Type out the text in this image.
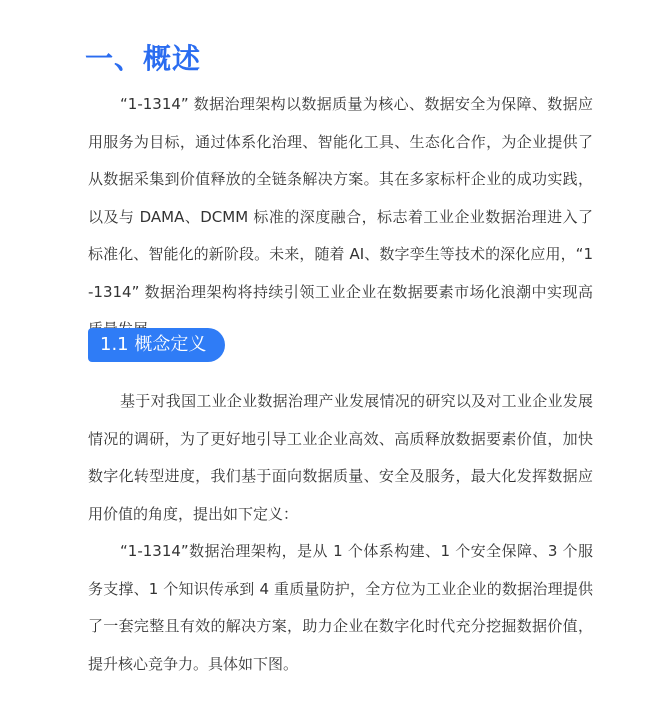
一、概述

“1-1314” 数据治理架构以数据质量为核心、数据安全为保障、数据应用服务为目标，通过体系化治理、智能化工具、生态化合作，为企业提供了从数据采集到价值释放的全链条解决方案。其在多家标杆企业的成功实践，以及与 DAMA、DCMM 标准的深度融合，标志着工业企业数据治理进入了标准化、智能化的新阶段。未来，随着 AI、数字孪生等技术的深化应用，“1-1314” 数据治理架构将持续引领工业企业在数据要素市场化浪潮中实现高

1.1 概念定义

基于对我国工业企业数据治理产业发展情况的研究以及对工业企业发展情况的调研，为了更好地引导工业企业高效、高质释放数据要素价值，加快数字化转型进度，我们基于面向数据质量、安全及服务，最大化发挥数据应用价值的角度，提出如下定义：

“1-1314”数据治理架构，是从 1 个体系构建、1 个安全保障、3 个服务支撑、1 个知识传承到 4 重质量防护，全方位为工业企业的数据治理提供了一套完整且有效的解决方案，助力企业在数字化时代充分挖掘数据价值，提升核心竞争力。具体如下图。
